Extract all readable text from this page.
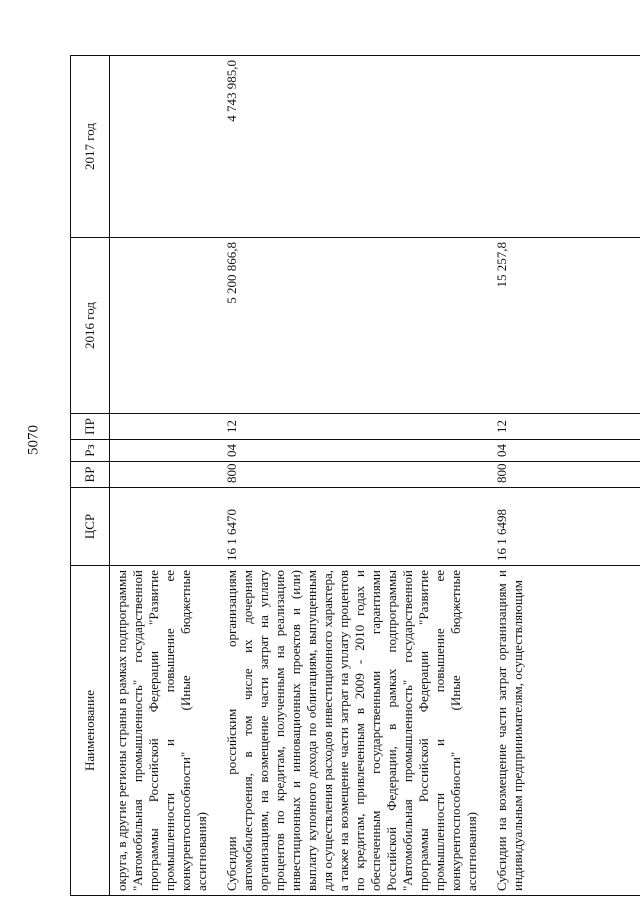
5070
Наименование	ЦСР	ВР	Рз	ПР	2016 год	2017 год
округа, в другие регионы страны в рамках подпрограммы "Автомобильная промышленность" государственной программы Российской Федерации "Развитие промышленности и повышение ее конкурентоспособности" (Иные бюджетные ассигнования)						
Субсидии российским организациям автомобилестроения, в том числе их дочерним организациям, на возмещение части затрат на уплату процентов по кредитам, полученным на реализацию инвестиционных и инновационных проектов и (или) выплату купонного дохода по облигациям, выпущенным для осуществления расходов инвестиционного характера, а также на возмещение части затрат на уплату процентов по кредитам, привлеченным в 2009 - 2010 годах и обеспеченным государственными гарантиями Российской Федерации, в рамках подпрограммы "Автомобильная промышленность" государственной программы Российской Федерации "Развитие промышленности и повышение ее конкурентоспособности" (Иные бюджетные ассигнования)	16 1 6470	800	04	12	5 200 866,8	4 743 985,0
Субсидии на возмещение части затрат организациям и индивидуальным предпринимателям, осуществляющим	16 1 6498	800	04	12	15 257,8	
